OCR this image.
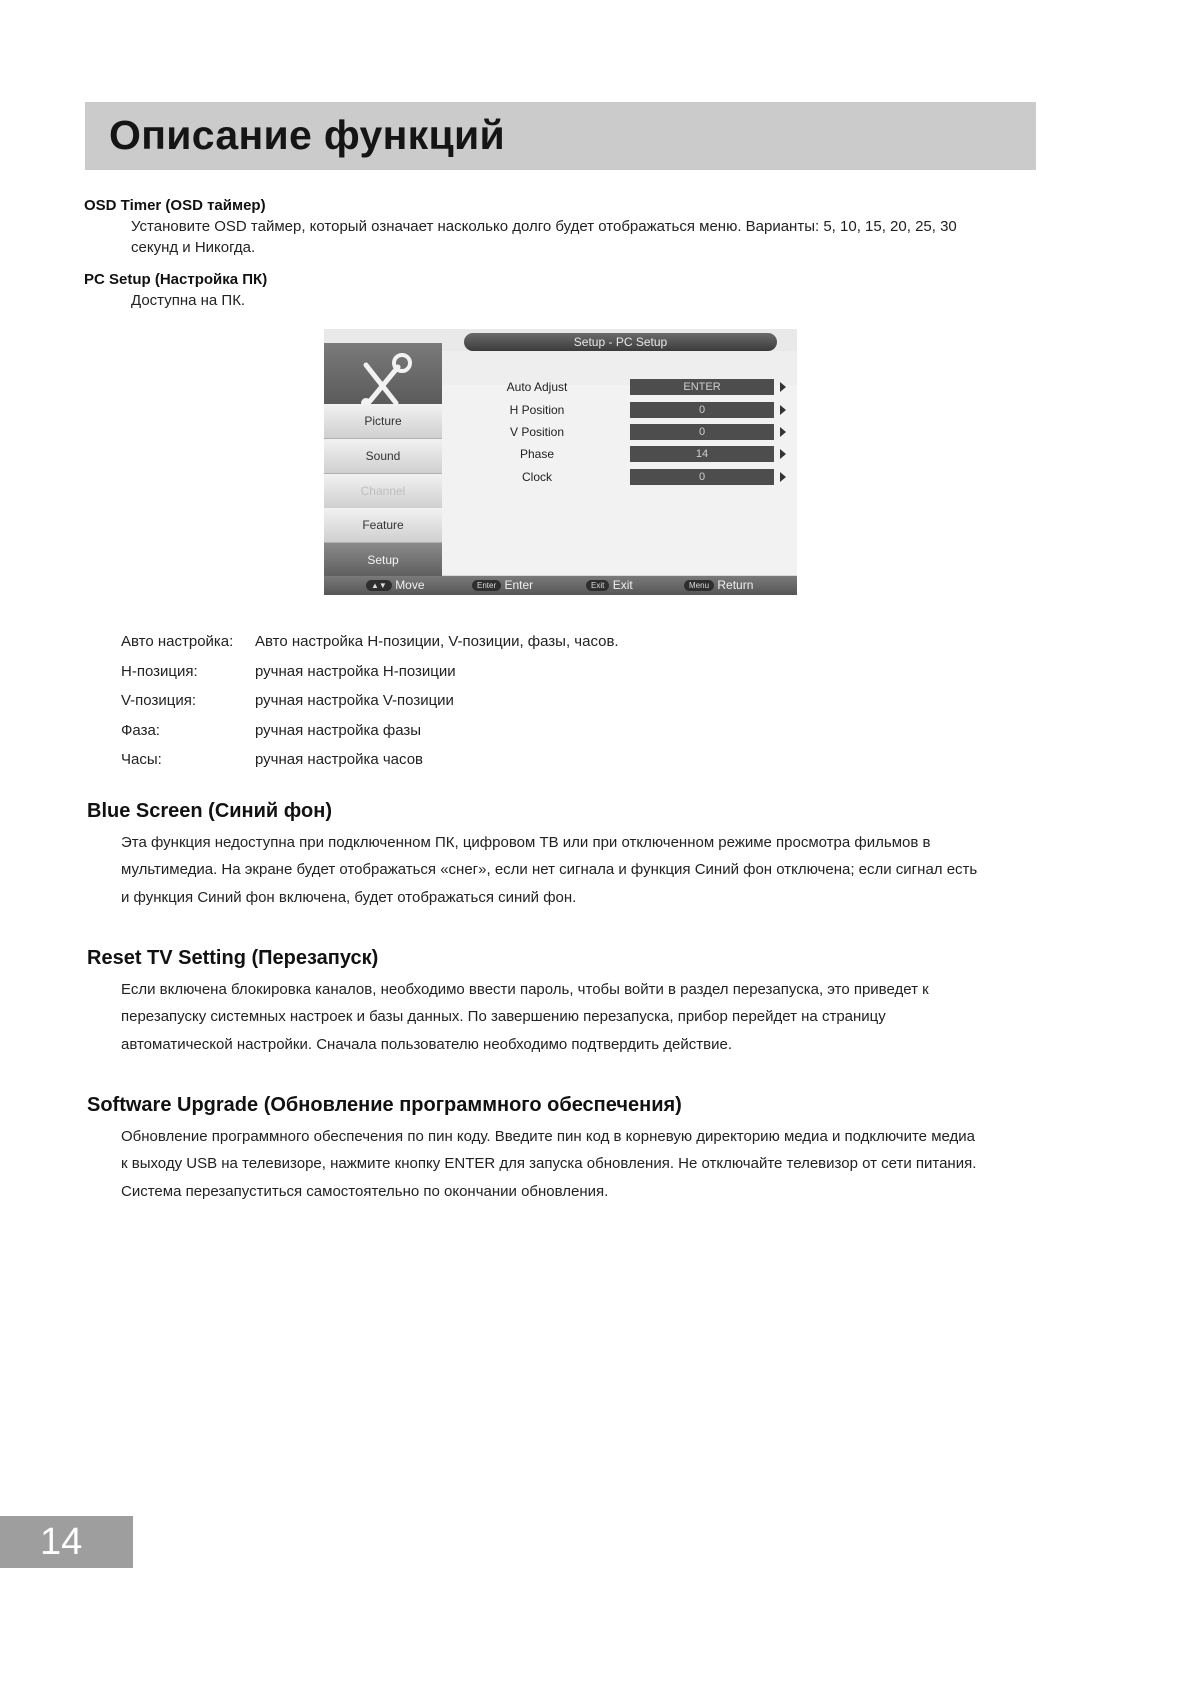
Описание функций
OSD Timer (OSD таймер)
Установите OSD таймер, который означает насколько долго будет отображаться меню. Варианты: 5, 10, 15, 20, 25, 30
секунд и Никогда.
PC Setup (Настройка ПК)
Доступна на ПК.
Setup - PC Setup
Picture
Sound
Channel
Feature
Setup
Auto Adjust	ENTER
H Position	0
V Position	0
Phase	14
Clock	0
▲▼ Move	Enter Enter	Exit Exit	Menu Return
Авто настройка: Авто настройка Н-позиции, V-позиции, фазы, часов.
Н-позиция:	ручная настройка Н-позиции
V-позиция:	ручная настройка V-позиции
Фаза:	ручная настройка фазы
Часы:	ручная настройка часов
Blue Screen (Синий фон)
Эта функция недоступна при подключенном ПК, цифровом ТВ или при отключенном режиме просмотра фильмов в
мультимедиа. На экране будет отображаться «снег», если нет сигнала и функция Синий фон отключена; если сигнал есть
и функция Синий фон включена, будет отображаться синий фон.
Reset TV Setting (Перезапуск)
Если включена блокировка каналов, необходимо ввести пароль, чтобы войти в раздел перезапуска, это приведет к
перезапуску системных настроек и базы данных. По завершению перезапуска, прибор перейдет на страницу
автоматической настройки. Сначала пользователю необходимо подтвердить действие.
Software Upgrade (Обновление программного обеспечения)
Обновление программного обеспечения по пин коду. Введите пин код в корневую директорию медиа и подключите медиа
к выходу USB на телевизоре, нажмите кнопку ENTER для запуска обновления. Не отключайте телевизор от сети питания.
Система перезапуститься самостоятельно по окончании обновления.
14
